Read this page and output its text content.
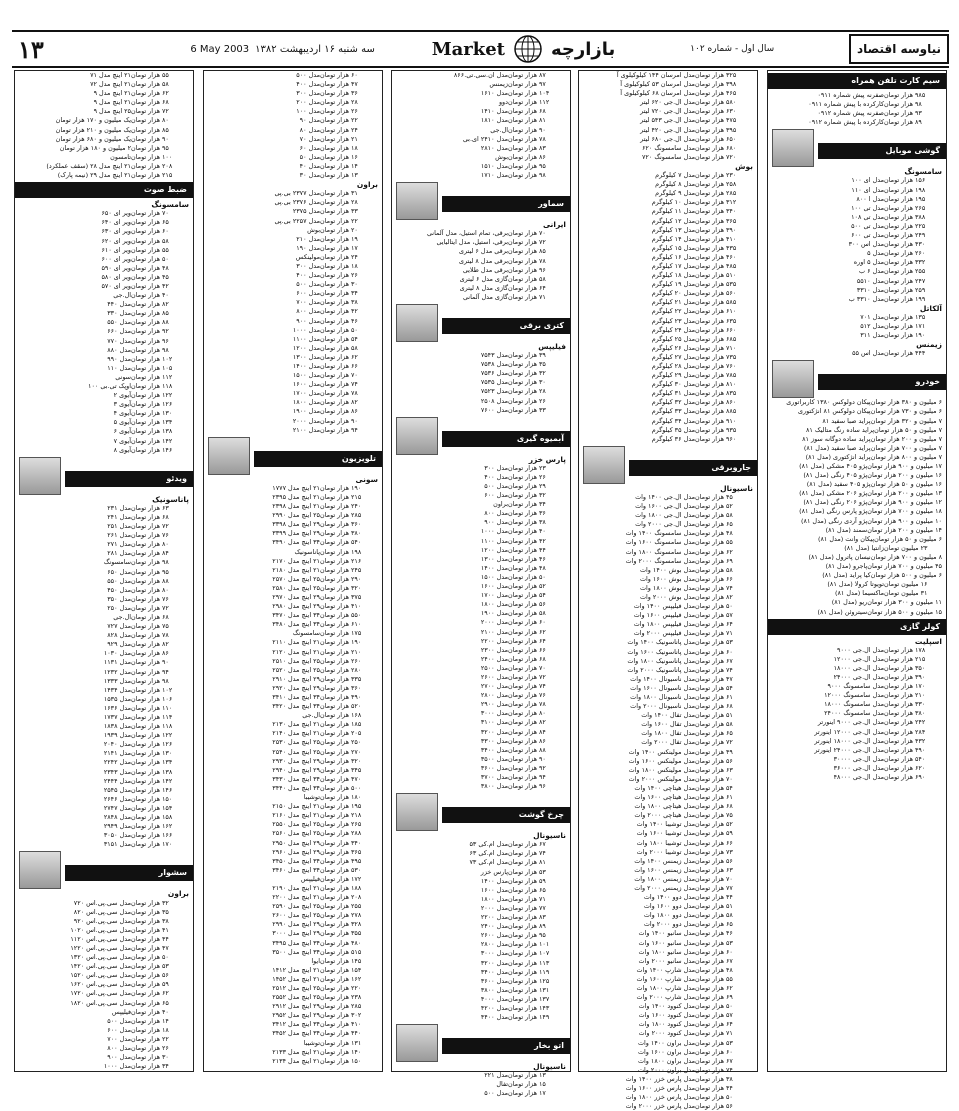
۱۳	سه شنبه ۱۶ اردیبهشت ۱۳۸۲
6 May 2003	Market	بازارچه	سال اول - شماره ۱۰۲	نیاوسه اقتصاد
سیم کارت تلفن همراه
صفرنه پیش شماره ۰۹۱۱ ۹۸۵ هزار تومان
کارکرده با پیش شماره ۰۹۱۱ ۹۸ هزار تومان
صفرنه پیش شماره ۰۹۱۲ ۹۳ هزار تومان
کارکرده با پیش شماره ۰۹۱۲ ۸۹ هزار تومان
گوشی موبایل
سامسونگ
مدل ای ۱۰۰ ۱۵۶ هزار تومان
مدل ای ۱۱۰ ۱۹۸ هزار تومان
مدل ا ۸۰۰ ۱۹۵ هزار تومان
مدل تی ۱۰۰ ۲۶۵ هزار تومان
مدل تی ۱۰۸ ۳۸۸ هزار تومان
مدل تی ۵۰۰ ۲۲۵ هزار تومان
مدل تی ۶۰۰ ۲۴۹ هزار تومان
مدل اس ۳۰۰ ۴۳۰ هزار تومان
مدل ۵ ۲۶۰ هزار تومان
مدل ۵ اوره ۳۳۲ هزار تومان
مدل ۶ ب ۲۵۵ هزار تومان
مدل ۵۵۱۰ ۲۴۷ هزار تومان
مدل ۳۳۱۰ ۲۵۹ هزار تومان
مدل ۳۳۱۰ ب ۱۹۹ هزار تومان
آلکاتل
مدل ۷۰۱ ۱۳۵ هزار تومان
مدل ۵۱۲ ۱۷۱ هزار تومان
مدل ۳۱۱ ۱۹۰ هزار تومان
زیمنس
مدل اس ۵۵ ۴۴۴ هزار تومان
خودرو
پیکان دولوکس ۱۳۸۰ کاربراتوری ۶ میلیون و ۳۸۰ هزار تومان
پیکان دولوکس ۸۱ انژکتوری ۶ میلیون و ۷۳۰ هزار تومان
پراید صبا سفید ۸۱ ۷ میلیون و ۳۲۰ هزار تومان
پراید ساده رنگ متالیک ۸۱ ۷ میلیون و ۵۰ هزار تومان
پراید ساده دوگانه سوز ۸۱ ۷ میلیون و ۲۰۰ هزار تومان
پراید صبا سفید (مدل ۸۱) ۷ میلیون و ۷۰۰ هزار تومان
پراید انژکتوری (مدل ۸۱) ۷ میلیون و ۸۰۰ هزار تومان
پژو ۴۰۵ مشکی (مدل ۸۱) ۱۷ میلیون و ۹۰۰ هزار تومان
پژو ۴۰۵ رنگی (مدل ۸۱) ۱۶ میلیون و ۲۰۰ هزار تومان
پژو ۴۰۵ سفید (مدل ۸۱) ۱۶ میلیون و ۵۰ هزار تومان
پژو ۲۰۶ مشکی (مدل ۸۱) ۱۳ میلیون و ۲۰۰ هزار تومان
پژو ۲۰۶ رنگی (مدل ۸۱) ۱۲ میلیون و ۹۰۰ هزار تومان
پژو پارس رنگی (مدل ۸۱) ۱۸ میلیون و ۷۰۰ هزار تومان
پژو آردی رنگی (مدل ۸۱) ۱۰ میلیون و ۹۰۰ هزار تومان
سمند (مدل ۸۱) ۱۴ میلیون و ۲۰۰ هزار تومان
پیکان وانت (مدل ۸۱) ۶ میلیون و ۵۰ هزار تومان
زانتیا (مدل ۸۱) ۲۳ میلیون تومان
نیسان پاترول (مدل ۸۱) ۸ میلیون و ۷۰۰ هزار تومان
پاجرو (مدل ۸۱) ۴۵ میلیون و ۷۰۰ هزار تومان
کیا پراید (مدل ۸۱) ۶ میلیون و ۵۰۰ هزار تومان
تویوتا کرولا (مدل ۸۱) ۱۶ میلیون تومان
ماکسیما (مدل ۸۱) ۳۱ میلیون تومان
ریو (مدل ۸۱) ۱۱ میلیون و ۳۰۰ هزار تومان
سیتروئن (مدل ۸۱) ۱۵ میلیون و ۵۰۰ هزار تومان
کولر گازی
اسپلیت
مدل ال.جی ۹۰۰۰ ۱۷۸ هزار تومان
مدل ال.جی ۱۲۰۰۰ ۲۱۵ هزار تومان
مدل ال.جی ۱۸۰۰۰ ۳۵۰ هزار تومان
مدل ال.جی ۲۴۰۰۰ ۳۹۰ هزار تومان
مدل سامسونگ ۹۰۰۰ ۱۷۰ هزار تومان
مدل سامسونگ ۱۲۰۰۰ ۲۱۰ هزار تومان
مدل سامسونگ ۱۸۰۰۰ ۳۳۰ هزار تومان
مدل سامسونگ ۲۴۰۰۰ ۳۸۰ هزار تومان
مدل ال.جی ۹۰۰۰ اینورتر ۲۴۲ هزار تومان
مدل ال.جی ۱۲۰۰۰ اینورتر ۲۸۴ هزار تومان
مدل ال.جی ۱۸۰۰۰ اینورتر ۴۳۲ هزار تومان
مدل ال.جی ۲۴۰۰۰ اینورتر ۴۹۰ هزار تومان
مدل ال.جی ۳۰۰۰۰ ۵۴۰ هزار تومان
مدل ال.جی ۳۶۰۰۰ ۶۲۰ هزار تومان
مدل ال.جی ۴۸۰۰۰ ۶۹۰ هزار تومان
مدل امرسان ۱۴۴ کیلوکیلوی آ ۳۲۵ هزار تومان
مدل امرسان ۵۳ کیلوکیلوی آ ۳۹۸ هزار تومان
مدل امرسان ۶۸ کیلوکیلوی آ ۴۶۵ هزار تومان
مدل ال.جی ۶۲۰ لیتر ۵۸۰ هزار تومان
مدل ال.جی ۷۲۰ لیتر ۶۳۰ هزار تومان
مدل ال.جی ۵۴۳ لیتر ۴۷۵ هزار تومان
مدل ال.جی ۴۲۰ لیتر ۳۹۵ هزار تومان
مدل ال.جی ۶۸۰ لیتر ۶۵۰ هزار تومان
مدل سامسونگ ۶۲۰ ۶۸۰ هزار تومان
مدل سامسونگ ۷۲۰ ۷۲۰ هزار تومان
بوش
مدل ۷ کیلوگرم ۲۳۰ هزار تومان
مدل ۸ کیلوگرم ۲۵۸ هزار تومان
مدل ۹ کیلوگرم ۲۸۵ هزار تومان
مدل ۱۰ کیلوگرم ۳۱۲ هزار تومان
مدل ۱۱ کیلوگرم ۳۴۰ هزار تومان
مدل ۱۲ کیلوگرم ۳۶۵ هزار تومان
مدل ۱۳ کیلوگرم ۳۹۰ هزار تومان
مدل ۱۴ کیلوگرم ۴۱۰ هزار تومان
مدل ۱۵ کیلوگرم ۴۳۵ هزار تومان
مدل ۱۶ کیلوگرم ۴۶۰ هزار تومان
مدل ۱۷ کیلوگرم ۴۸۵ هزار تومان
مدل ۱۸ کیلوگرم ۵۱۰ هزار تومان
مدل ۱۹ کیلوگرم ۵۳۵ هزار تومان
مدل ۲۰ کیلوگرم ۵۶۰ هزار تومان
مدل ۲۱ کیلوگرم ۵۸۵ هزار تومان
مدل ۲۲ کیلوگرم ۶۱۰ هزار تومان
مدل ۲۳ کیلوگرم ۶۳۵ هزار تومان
مدل ۲۴ کیلوگرم ۶۶۰ هزار تومان
مدل ۲۵ کیلوگرم ۶۸۵ هزار تومان
مدل ۲۶ کیلوگرم ۷۱۰ هزار تومان
مدل ۲۷ کیلوگرم ۷۳۵ هزار تومان
مدل ۲۸ کیلوگرم ۷۶۰ هزار تومان
مدل ۲۹ کیلوگرم ۷۸۵ هزار تومان
مدل ۳۰ کیلوگرم ۸۱۰ هزار تومان
مدل ۳۱ کیلوگرم ۸۳۵ هزار تومان
مدل ۳۲ کیلوگرم ۸۶۰ هزار تومان
مدل ۳۳ کیلوگرم ۸۸۵ هزار تومان
مدل ۳۴ کیلوگرم ۹۱۰ هزار تومان
مدل ۳۵ کیلوگرم ۹۳۵ هزار تومان
مدل ۳۶ کیلوگرم ۹۶۰ هزار تومان
جاروبرقی
ناسیونال
مدل ال.جی ۱۴۰۰ وات ۴۵ هزار تومان
مدل ال.جی ۱۶۰۰ وات ۵۲ هزار تومان
مدل ال.جی ۱۸۰۰ وات ۵۸ هزار تومان
مدل ال.جی ۲۰۰۰ وات ۶۵ هزار تومان
مدل سامسونگ ۱۴۰۰ وات ۴۸ هزار تومان
مدل سامسونگ ۱۶۰۰ وات ۵۵ هزار تومان
مدل سامسونگ ۱۸۰۰ وات ۶۲ هزار تومان
مدل سامسونگ ۲۰۰۰ وات ۶۹ هزار تومان
مدل بوش ۱۴۰۰ وات ۵۸ هزار تومان
مدل بوش ۱۶۰۰ وات ۶۶ هزار تومان
مدل بوش ۱۸۰۰ وات ۷۴ هزار تومان
مدل بوش ۲۰۰۰ وات ۸۲ هزار تومان
مدل فیلیپس ۱۴۰۰ وات ۵۰ هزار تومان
مدل فیلیپس ۱۶۰۰ وات ۵۷ هزار تومان
مدل فیلیپس ۱۸۰۰ وات ۶۴ هزار تومان
مدل فیلیپس ۲۰۰۰ وات ۷۱ هزار تومان
مدل پاناسونیک ۱۴۰۰ وات ۵۳ هزار تومان
مدل پاناسونیک ۱۶۰۰ وات ۶۰ هزار تومان
مدل پاناسونیک ۱۸۰۰ وات ۶۷ هزار تومان
مدل پاناسونیک ۲۰۰۰ وات ۷۴ هزار تومان
مدل ناسیونال ۱۴۰۰ وات ۴۷ هزار تومان
مدل ناسیونال ۱۶۰۰ وات ۵۴ هزار تومان
مدل ناسیونال ۱۸۰۰ وات ۶۱ هزار تومان
مدل ناسیونال ۲۰۰۰ وات ۶۸ هزار تومان
مدل تفال ۱۴۰۰ وات ۵۱ هزار تومان
مدل تفال ۱۶۰۰ وات ۵۸ هزار تومان
مدل تفال ۱۸۰۰ وات ۶۵ هزار تومان
مدل تفال ۲۰۰۰ وات ۷۲ هزار تومان
مدل مولینکس ۱۴۰۰ وات ۴۹ هزار تومان
مدل مولینکس ۱۶۰۰ وات ۵۶ هزار تومان
مدل مولینکس ۱۸۰۰ وات ۶۳ هزار تومان
مدل مولینکس ۲۰۰۰ وات ۷۰ هزار تومان
مدل هیتاچی ۱۴۰۰ وات ۵۴ هزار تومان
مدل هیتاچی ۱۶۰۰ وات ۶۱ هزار تومان
مدل هیتاچی ۱۸۰۰ وات ۶۸ هزار تومان
مدل هیتاچی ۲۰۰۰ وات ۷۵ هزار تومان
مدل توشیبا ۱۴۰۰ وات ۵۲ هزار تومان
مدل توشیبا ۱۶۰۰ وات ۵۹ هزار تومان
مدل توشیبا ۱۸۰۰ وات ۶۶ هزار تومان
مدل توشیبا ۲۰۰۰ وات ۷۳ هزار تومان
مدل زیمنس ۱۴۰۰ وات ۵۶ هزار تومان
مدل زیمنس ۱۶۰۰ وات ۶۳ هزار تومان
مدل زیمنس ۱۸۰۰ وات ۷۰ هزار تومان
مدل زیمنس ۲۰۰۰ وات ۷۷ هزار تومان
مدل دوو ۱۴۰۰ وات ۴۴ هزار تومان
مدل دوو ۱۶۰۰ وات ۵۱ هزار تومان
مدل دوو ۱۸۰۰ وات ۵۸ هزار تومان
مدل دوو ۲۰۰۰ وات ۶۵ هزار تومان
مدل سانیو ۱۴۰۰ وات ۴۶ هزار تومان
مدل سانیو ۱۶۰۰ وات ۵۳ هزار تومان
مدل سانیو ۱۸۰۰ وات ۶۰ هزار تومان
مدل سانیو ۲۰۰۰ وات ۶۷ هزار تومان
مدل شارپ ۱۴۰۰ وات ۴۸ هزار تومان
مدل شارپ ۱۶۰۰ وات ۵۵ هزار تومان
مدل شارپ ۱۸۰۰ وات ۶۲ هزار تومان
مدل شارپ ۲۰۰۰ وات ۶۹ هزار تومان
مدل کنوود ۱۴۰۰ وات ۵۰ هزار تومان
مدل کنوود ۱۶۰۰ وات ۵۷ هزار تومان
مدل کنوود ۱۸۰۰ وات ۶۴ هزار تومان
مدل کنوود ۲۰۰۰ وات ۷۱ هزار تومان
مدل براون ۱۴۰۰ وات ۵۳ هزار تومان
مدل براون ۱۶۰۰ وات ۶۰ هزار تومان
مدل براون ۱۸۰۰ وات ۶۷ هزار تومان
مدل براون ۲۰۰۰ وات ۷۴ هزار تومان
مدل پارس خزر ۱۴۰۰ وات ۳۸ هزار تومان
مدل پارس خزر ۱۶۰۰ وات ۴۴ هزار تومان
مدل پارس خزر ۱۸۰۰ وات ۵۰ هزار تومان
مدل پارس خزر ۲۰۰۰ وات ۵۶ هزار تومان
مدل ان.سی.تی.۸۶۶ ۸۷ هزار تومان
زیمنس ۹۷ هزار تومان
مدل ۱۶۱۰ ۱۰۴ هزار تومان
دوو ۱۱۲ هزار تومان
مدل ۱۴۱۰ ۶۸ هزار تومان
مدل ۱۸۱۰ ۸۱ هزار تومان
ال.جی ۹۰ هزار تومان
مدل ۲۴۱۰ ای.بی ۷۸ هزار تومان
مدل ۲۸۱۰ ۸۳ هزار تومان
بوش ۸۶ هزار تومان
مدل ۱۵۱۰ ۹۵ هزار تومان
مدل ۱۷۱۰ ۹۸ هزار تومان
سماور
ایرانی
برقی، تمام استیل، مدل آلمانی ۷۰ هزار تومان
برقی، استیل، مدل ایتالیایی ۷۲ هزار تومان
برقی مدل ۶ لیتری ۸۵ هزار تومان
برقی مدل ۸ لیتری ۷۸ هزار تومان
برقی مدل طلایی ۹۶ هزار تومان
گازی مدل ۶ لیتری ۵۸ هزار تومان
گازی مدل ۸ لیتری ۶۴ هزار تومان
گازی مدل آلمانی ۷۱ هزار تومان
کتری برقی
فیلیپس
مدل ۷۵۴۳ ۳۹ هزار تومان
مدل ۷۵۳۸ ۳۵ هزار تومان
مدل ۷۵۳۶ ۳۲ هزار تومان
مدل ۷۵۳۵ ۳۰ هزار تومان
مدل ۷۵۲۳ ۲۸ هزار تومان
مدل ۲۵۰۸ ۲۶ هزار تومان
مدل ۷۶۰۰ ۳۳ هزار تومان
آبمیوه گیری
پارس خزر
مدل ۳۰۰ ۲۳ هزار تومان
مدل ۴۰۰ ۲۶ هزار تومان
مدل ۵۰۰ ۲۹ هزار تومان
مدل ۶۰۰ ۳۲ هزار تومان
براون ۳۴ هزار تومان
مدل ۸۰۰ ۳۶ هزار تومان
مدل ۹۰۰ ۳۸ هزار تومان
مدل ۱۰۰۰ ۴۰ هزار تومان
مدل ۱۱۰۰ ۴۲ هزار تومان
مدل ۱۲۰۰ ۴۴ هزار تومان
مدل ۱۳۰۰ ۴۶ هزار تومان
مدل ۱۴۰۰ ۴۸ هزار تومان
مدل ۱۵۰۰ ۵۰ هزار تومان
مدل ۱۶۰۰ ۵۲ هزار تومان
مدل ۱۷۰۰ ۵۴ هزار تومان
مدل ۱۸۰۰ ۵۶ هزار تومان
مدل ۱۹۰۰ ۵۸ هزار تومان
مدل ۲۰۰۰ ۶۰ هزار تومان
مدل ۲۱۰۰ ۶۲ هزار تومان
مدل ۲۲۰۰ ۶۴ هزار تومان
مدل ۲۳۰۰ ۶۶ هزار تومان
مدل ۲۴۰۰ ۶۸ هزار تومان
مدل ۲۵۰۰ ۷۰ هزار تومان
مدل ۲۶۰۰ ۷۲ هزار تومان
مدل ۲۷۰۰ ۷۴ هزار تومان
مدل ۲۸۰۰ ۷۶ هزار تومان
مدل ۲۹۰۰ ۷۸ هزار تومان
مدل ۳۰۰۰ ۸۰ هزار تومان
مدل ۳۱۰۰ ۸۲ هزار تومان
مدل ۳۲۰۰ ۸۴ هزار تومان
مدل ۳۳۰۰ ۸۶ هزار تومان
مدل ۳۴۰۰ ۸۸ هزار تومان
مدل ۳۵۰۰ ۹۰ هزار تومان
مدل ۳۶۰۰ ۹۲ هزار تومان
مدل ۳۷۰۰ ۹۴ هزار تومان
مدل ۳۸۰۰ ۹۶ هزار تومان
چرخ گوشت
ناسیونال
مدل ام.کی ۵۳ ۶۷ هزار تومان
مدل ام.کی ۶۳ ۷۴ هزار تومان
مدل ام.کی ۷۳ ۸۱ هزار تومان
پارس خزر ۵۳ هزار تومان
مدل ۱۴۰۰ ۵۹ هزار تومان
مدل ۱۶۰۰ ۶۵ هزار تومان
مدل ۱۸۰۰ ۷۱ هزار تومان
مدل ۲۰۰۰ ۷۷ هزار تومان
مدل ۲۲۰۰ ۸۳ هزار تومان
مدل ۲۴۰۰ ۸۹ هزار تومان
مدل ۲۶۰۰ ۹۵ هزار تومان
مدل ۲۸۰۰ ۱۰۱ هزار تومان
مدل ۳۰۰۰ ۱۰۷ هزار تومان
مدل ۳۲۰۰ ۱۱۳ هزار تومان
مدل ۳۴۰۰ ۱۱۹ هزار تومان
مدل ۳۶۰۰ ۱۲۵ هزار تومان
مدل ۳۸۰۰ ۱۳۱ هزار تومان
مدل ۴۰۰۰ ۱۳۷ هزار تومان
مدل ۴۲۰۰ ۱۴۳ هزار تومان
مدل ۴۴۰۰ ۱۴۹ هزار تومان
اتو بخار
ناسیونال
مدل ۲۲۱ ۱۳ هزار تومان
تفال ۱۵ هزار تومان
مدل ۵۰۰ ۱۷ هزار تومان
مدل ۵۰۰ ۶۰ هزار تومان
مدل ۴۰۰ ۴۷ هزار تومان
مدل ۳۰۰ ۳۶ هزار تومان
مدل ۲۰۰ ۲۸ هزار تومان
مدل ۱۰۰ ۲۶ هزار تومان
مدل ۹۰ ۲۲ هزار تومان
مدل ۸۰ ۲۴ هزار تومان
مدل ۷۰ ۲۱ هزار تومان
مدل ۶۰ ۱۸ هزار تومان
مدل ۵۰ ۱۶ هزار تومان
مدل ۴۰ ۱۴ هزار تومان
مدل ۳۰ ۱۳ هزار تومان
براون
مدل ۲۳۷۷ بی.پی ۳۱ هزار تومان
مدل ۲۳۷۶ بی.پی ۲۸ هزار تومان
مدل ۲۳۷۵ ۳۳ هزار تومان
مدل ۲۲۵۷ بی.پی ۲۲ هزار تومان
بوش ۲۰ هزار تومان
مدل ۲۱۰ ۱۹ هزار تومان
مدل ۱۹۰ ۱۷ هزار تومان
مولینکس ۲۴ هزار تومان
مدل ۳۰۰ ۱۸ هزار تومان
مدل ۴۰۰ ۲۶ هزار تومان
مدل ۵۰۰ ۳۰ هزار تومان
مدل ۶۰۰ ۳۴ هزار تومان
مدل ۷۰۰ ۳۸ هزار تومان
مدل ۸۰۰ ۴۲ هزار تومان
مدل ۹۰۰ ۴۶ هزار تومان
مدل ۱۰۰۰ ۵۰ هزار تومان
مدل ۱۱۰۰ ۵۴ هزار تومان
مدل ۱۲۰۰ ۵۸ هزار تومان
مدل ۱۳۰۰ ۶۲ هزار تومان
مدل ۱۴۰۰ ۶۶ هزار تومان
مدل ۱۵۰۰ ۷۰ هزار تومان
مدل ۱۶۰۰ ۷۴ هزار تومان
مدل ۱۷۰۰ ۷۸ هزار تومان
مدل ۱۸۰۰ ۸۲ هزار تومان
مدل ۱۹۰۰ ۸۶ هزار تومان
مدل ۲۰۰۰ ۹۰ هزار تومان
مدل ۲۱۰۰ ۹۴ هزار تومان
تلویزیون
سونی
۲۱ اینچ مدل ۱۷۷۷ ۱۹۰ هزار تومان
۲۱ اینچ مدل ۲۳۹۵ ۲۱۵ هزار تومان
۲۱ اینچ مدل ۲۳۹۸ ۲۴۰ هزار تومان
۲۵ اینچ مدل ۲۹۹۰ ۲۸۵ هزار تومان
۲۹ اینچ مدل ۳۳۹۸ ۳۶۰ هزار تومان
۲۹ اینچ مدل ۳۳۹۹ ۳۸۰ هزار تومان
۳۴ اینچ مدل ۳۴۹۰ ۵۴۰ هزار تومان
پاناسونیک ۱۹۸ هزار تومان
۲۱ اینچ مدل ۲۱۷۰ ۲۱۶ هزار تومان
۲۱ اینچ مدل ۲۱۸۰ ۲۴۵ هزار تومان
۲۵ اینچ مدل ۲۵۷۰ ۲۹۰ هزار تومان
۲۵ اینچ مدل ۲۵۸۰ ۳۲۰ هزار تومان
۲۹ اینچ مدل ۲۹۷۰ ۳۷۵ هزار تومان
۲۹ اینچ مدل ۲۹۸۰ ۴۱۰ هزار تومان
۳۴ اینچ مدل ۳۴۷۰ ۵۵۰ هزار تومان
۳۴ اینچ مدل ۳۴۸۰ ۶۱۰ هزار تومان
سامسونگ ۱۷۵ هزار تومان
۲۱ اینچ مدل ۲۱۱۰ ۱۹۰ هزار تومان
۲۱ اینچ مدل ۲۱۲۰ ۲۱۰ هزار تومان
۲۵ اینچ مدل ۲۵۱۰ ۲۶۰ هزار تومان
۲۵ اینچ مدل ۲۵۲۰ ۲۸۰ هزار تومان
۲۹ اینچ مدل ۲۹۱۰ ۳۳۵ هزار تومان
۲۹ اینچ مدل ۲۹۲۰ ۳۶۰ هزار تومان
۳۴ اینچ مدل ۳۴۱۰ ۴۹۰ هزار تومان
۳۴ اینچ مدل ۳۴۲۰ ۵۲۰ هزار تومان
ال.جی ۱۶۸ هزار تومان
۲۱ اینچ مدل ۲۱۳۰ ۱۸۵ هزار تومان
۲۱ اینچ مدل ۲۱۴۰ ۲۰۵ هزار تومان
۲۵ اینچ مدل ۲۵۳۰ ۲۵۰ هزار تومان
۲۵ اینچ مدل ۲۵۴۰ ۲۷۰ هزار تومان
۲۹ اینچ مدل ۲۹۳۰ ۳۲۰ هزار تومان
۲۹ اینچ مدل ۲۹۴۰ ۳۴۵ هزار تومان
۳۴ اینچ مدل ۳۴۳۰ ۴۷۰ هزار تومان
۳۴ اینچ مدل ۳۴۴۰ ۵۰۰ هزار تومان
توشیبا ۱۸۰ هزار تومان
۲۱ اینچ مدل ۲۱۵۰ ۱۹۵ هزار تومان
۲۱ اینچ مدل ۲۱۶۰ ۲۱۸ هزار تومان
۲۵ اینچ مدل ۲۵۵۰ ۲۶۵ هزار تومان
۲۵ اینچ مدل ۲۵۶۰ ۲۸۸ هزار تومان
۲۹ اینچ مدل ۲۹۵۰ ۳۴۰ هزار تومان
۲۹ اینچ مدل ۲۹۶۰ ۳۶۵ هزار تومان
۳۴ اینچ مدل ۳۴۵۰ ۴۹۵ هزار تومان
۳۴ اینچ مدل ۳۴۶۰ ۵۳۰ هزار تومان
فیلیپس ۱۷۲ هزار تومان
۲۱ اینچ مدل ۲۱۹۰ ۱۸۸ هزار تومان
۲۱ اینچ مدل ۲۲۰۰ ۲۰۸ هزار تومان
۲۵ اینچ مدل ۲۵۹۰ ۲۵۵ هزار تومان
۲۵ اینچ مدل ۲۶۰۰ ۲۷۸ هزار تومان
۲۹ اینچ مدل ۲۹۹۰ ۳۲۸ هزار تومان
۲۹ اینچ مدل ۳۰۰۰ ۳۵۵ هزار تومان
۳۴ اینچ مدل ۳۴۹۵ ۴۸۰ هزار تومان
۳۴ اینچ مدل ۳۵۰۰ ۵۱۵ هزار تومان
ایوا ۱۴۵ هزار تومان
۲۱ اینچ مدل ۱۴۱۲ ۱۵۴ هزار تومان
۲۱ اینچ مدل ۱۴۵۲ ۱۶۲ هزار تومان
۲۵ اینچ مدل ۲۵۱۲ ۲۲۰ هزار تومان
۲۵ اینچ مدل ۲۵۵۲ ۲۳۸ هزار تومان
۲۹ اینچ مدل ۲۹۱۲ ۲۸۵ هزار تومان
۲۹ اینچ مدل ۲۹۵۲ ۳۰۲ هزار تومان
۳۴ اینچ مدل ۳۴۱۲ ۴۱۰ هزار تومان
۳۴ اینچ مدل ۳۴۵۲ ۴۴۰ هزار تومان
توشیبا ۱۳۱ هزار تومان
۲۱ اینچ مدل ۲۱۳۳ ۱۴۰ هزار تومان
۲۱ اینچ مدل ۲۱۳۴ ۱۵۰ هزار تومان
۲۱ اینچ مدل ۷۱ ۵۵ هزار تومان
۲۱ اینچ مدل ۷۲ ۵۸ هزار تومان
۲۱ اینچ مدل ۹ ۶۲ هزار تومان
۲۱ اینچ مدل ۹ ۶۸ هزار تومان
۲۵ اینچ مدل ۹ ۷۲ هزار تومان
یک میلیون و ۱۷۰ هزار تومان ۸۰ هزار تومان
یک میلیون و ۲۱۰ هزار تومان ۸۵ هزار تومان
یک میلیون و ۶۸۰ هزار تومان ۹۰ هزار تومان
۲ میلیون و ۱۸۰ هزار تومان ۹۵ هزار تومان
تامسون ۱۰۰ هزار تومان
۲۱ اینچ مدل ۲۸ (سقف عملکرد) ۲۰۸ هزار تومان
۲۱ اینچ مدل ۲۹ (نیمه پارک) ۲۱۵ هزار تومان
ضبط صوت
سامسونگ
ویر ای ۶۵۰ ۷۰ هزار تومان
ویر ای ۶۴۰ ۶۵ هزار تومان
ویر ای ۶۳۰ ۶۰ هزار تومان
ویر ای ۶۲۰ ۵۸ هزار تومان
ویر ای ۶۱۰ ۵۵ هزار تومان
ویر ای ۶۰۰ ۵۰ هزار تومان
ویر ای ۵۹۰ ۴۸ هزار تومان
ویر ای ۵۸۰ ۴۵ هزار تومان
ویر ای ۵۷۰ ۴۲ هزار تومان
ال.جی ۴۰ هزار تومان
مدل ۴۴۰ ۸۲ هزار تومان
مدل ۳۳۰ ۸۵ هزار تومان
مدل ۵۵۰ ۸۸ هزار تومان
مدل ۶۶۰ ۹۲ هزار تومان
مدل ۷۷۰ ۹۶ هزار تومان
مدل ۸۸۰ ۹۸ هزار تومان
مدل ۹۹۰ ۱۰۲ هزار تومان
مدل ۱۱۰ ۱۰۵ هزار تومان
سونی ۱۱۲ هزار تومان
اوپک تی.بی ۱۰۰ ۱۱۸ هزار تومان
آیوی ۲ ۱۲۲ هزار تومان
آیوی ۳ ۱۲۶ هزار تومان
آیوی ۴ ۱۳۰ هزار تومان
آیوی ۵ ۱۳۴ هزار تومان
آیوی ۶ ۱۳۸ هزار تومان
آیوی ۷ ۱۴۲ هزار تومان
آیوی ۸ ۱۴۶ هزار تومان
ویدئو
پاناسونیک
مدل ۲۳۱ ۶۳ هزار تومان
مدل ۲۴۱ ۶۸ هزار تومان
مدل ۲۵۱ ۷۲ هزار تومان
مدل ۲۶۱ ۷۶ هزار تومان
مدل ۲۷۱ ۸۰ هزار تومان
مدل ۲۸۱ ۸۴ هزار تومان
سامسونگ ۹۸ هزار تومان
مدل ۶۵۰ ۹۵ هزار تومان
مدل ۵۵۰ ۸۸ هزار تومان
مدل ۴۵۰ ۸۰ هزار تومان
مدل ۳۵۰ ۷۶ هزار تومان
مدل ۲۵۰ ۷۲ هزار تومان
ال.جی ۶۸ هزار تومان
مدل ۷۲۷ ۷۵ هزار تومان
مدل ۸۲۸ ۷۸ هزار تومان
مدل ۹۲۹ ۸۲ هزار تومان
مدل ۱۰۳۰ ۸۶ هزار تومان
مدل ۱۱۳۱ ۹۰ هزار تومان
مدل ۱۲۳۲ ۹۴ هزار تومان
مدل ۱۳۳۳ ۹۸ هزار تومان
مدل ۱۴۳۴ ۱۰۲ هزار تومان
مدل ۱۵۳۵ ۱۰۶ هزار تومان
مدل ۱۶۳۶ ۱۱۰ هزار تومان
مدل ۱۷۳۷ ۱۱۴ هزار تومان
مدل ۱۸۳۸ ۱۱۸ هزار تومان
مدل ۱۹۳۹ ۱۲۲ هزار تومان
مدل ۲۰۴۰ ۱۲۶ هزار تومان
مدل ۲۱۴۱ ۱۳۰ هزار تومان
مدل ۲۲۴۲ ۱۳۴ هزار تومان
مدل ۲۳۴۳ ۱۳۸ هزار تومان
مدل ۲۴۴۴ ۱۴۲ هزار تومان
مدل ۲۵۴۵ ۱۴۶ هزار تومان
مدل ۲۶۴۶ ۱۵۰ هزار تومان
مدل ۲۷۴۷ ۱۵۴ هزار تومان
مدل ۲۸۴۸ ۱۵۸ هزار تومان
مدل ۲۹۴۹ ۱۶۲ هزار تومان
مدل ۳۰۵۰ ۱۶۶ هزار تومان
مدل ۳۱۵۱ ۱۷۰ هزار تومان
سشوار
براون
مدل سی.پی.اس ۷۲۰ ۳۲ هزار تومان
مدل سی.پی.اس ۸۲۰ ۳۵ هزار تومان
مدل سی.پی.اس ۹۲۰ ۳۸ هزار تومان
مدل سی.پی.اس ۱۰۲۰ ۴۱ هزار تومان
مدل سی.پی.اس ۱۱۲۰ ۴۴ هزار تومان
مدل سی.پی.اس ۱۲۲۰ ۴۷ هزار تومان
مدل سی.پی.اس ۱۳۲۰ ۵۰ هزار تومان
مدل سی.پی.اس ۱۴۲۰ ۵۳ هزار تومان
مدل سی.پی.اس ۱۵۲۰ ۵۶ هزار تومان
مدل سی.پی.اس ۱۶۲۰ ۵۹ هزار تومان
مدل سی.پی.اس ۱۷۲۰ ۶۲ هزار تومان
مدل سی.پی.اس ۱۸۲۰ ۶۵ هزار تومان
فیلیپس ۴۰ هزار تومان
مدل ۵۰۰ ۱۴ هزار تومان
مدل ۶۰۰ ۱۸ هزار تومان
مدل ۷۰۰ ۲۲ هزار تومان
مدل ۸۰۰ ۲۶ هزار تومان
مدل ۹۰۰ ۳۰ هزار تومان
مدل ۱۰۰۰ ۳۴ هزار تومان
